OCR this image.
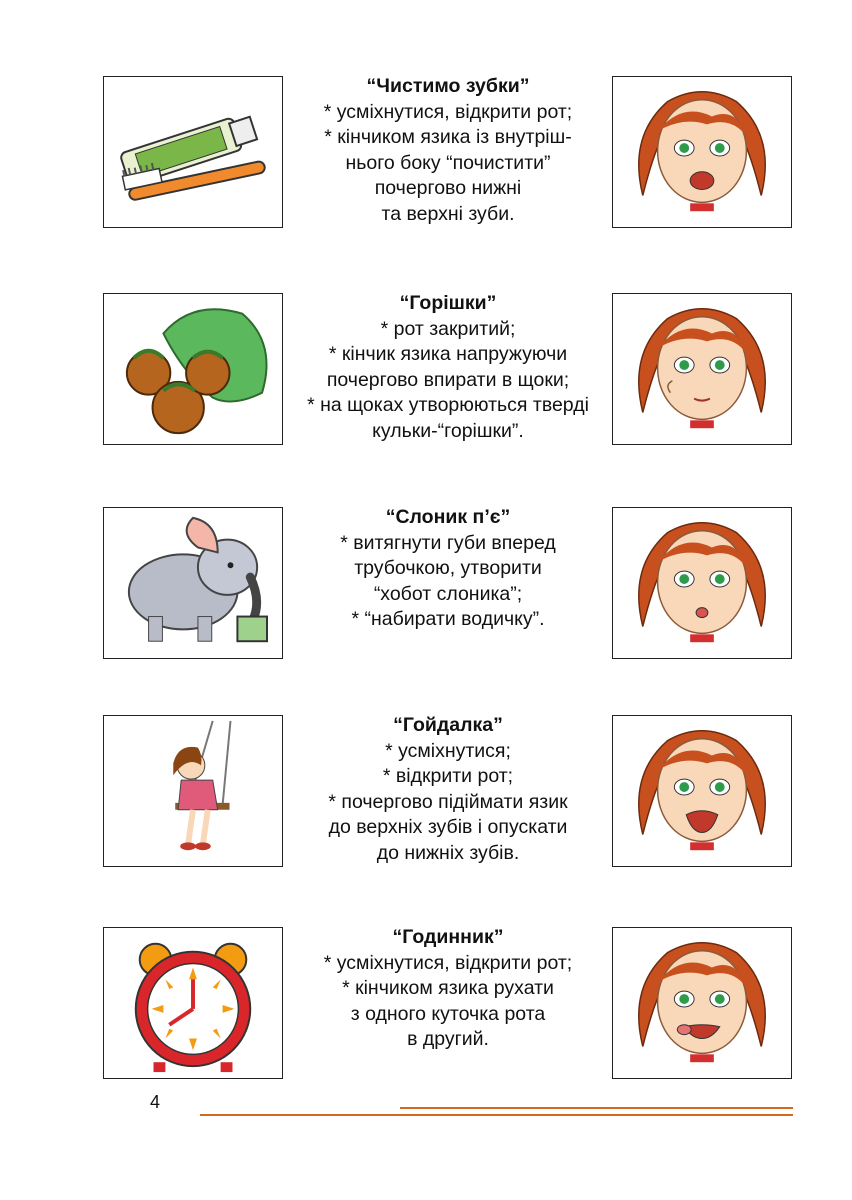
“Чистимо зубки”
* усміхнутися, відкрити рот;
* кінчиком язика із внутріш-
нього боку “почистити”
почергово нижні
та верхні зуби.
“Горішки”
* рот закритий;
* кінчик язика напружуючи
почергово впирати в щоки;
* на щоках утворюються тверді
кульки-“горішки”.
“Слоник п’є”
* витягнути губи вперед
трубочкою, утворити
“хобот слоника”;
* “набирати водичку”.
“Гойдалка”
* усміхнутися;
* відкрити рот;
* почергово підіймати язик
до верхніх зубів і опускати
до нижніх зубів.
“Годинник”
* усміхнутися, відкрити рот;
* кінчиком язика рухати
з одного куточка рота
в другий.
4
